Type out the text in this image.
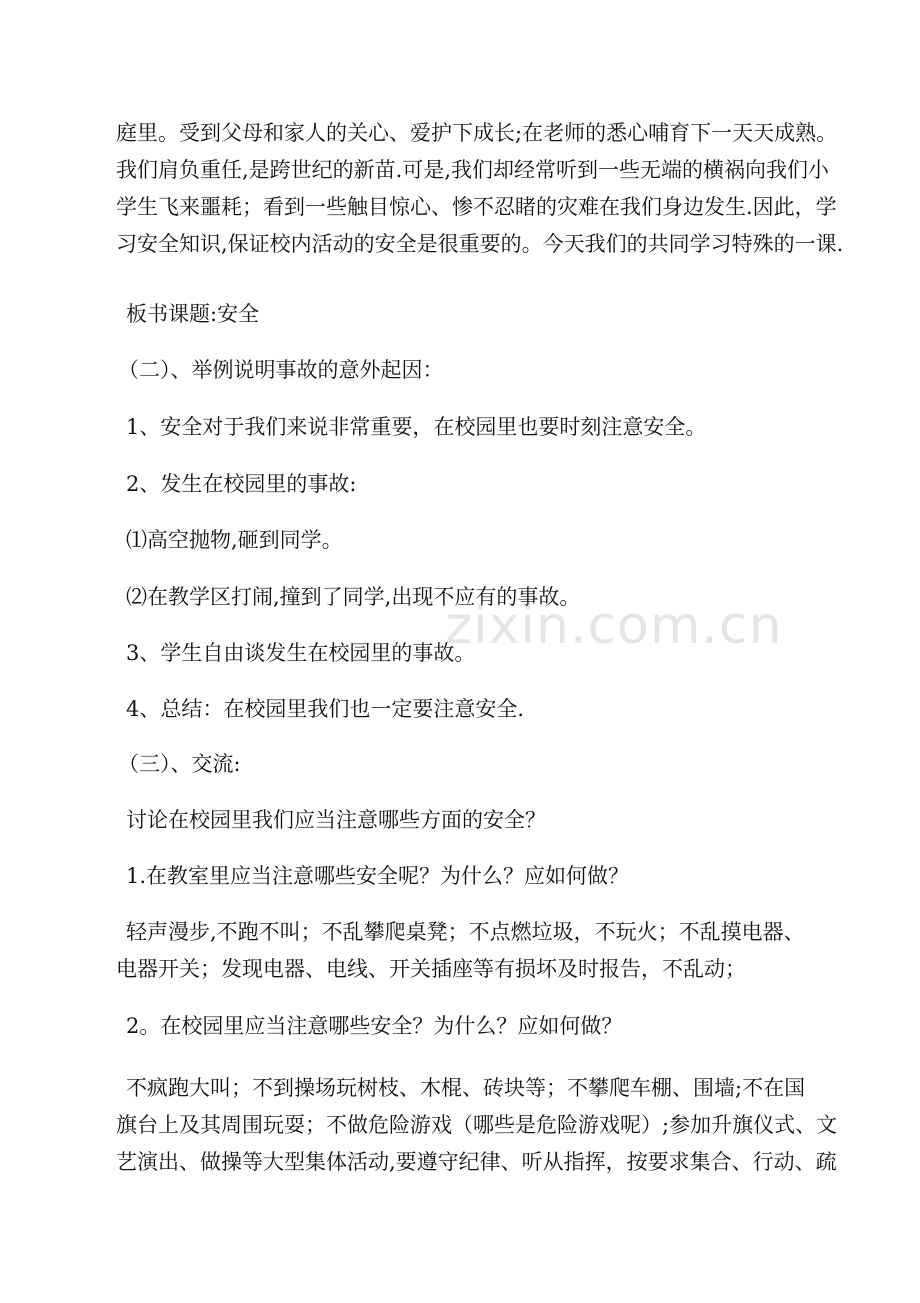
庭里。受到父母和家人的关心、爱护下成长;在老师的悉心哺育下一天天成熟。
我们肩负重任,是跨世纪的新苗.可是,我们却经常听到一些无端的横祸向我们小
学生飞来噩耗；看到一些触目惊心、惨不忍睹的灾难在我们身边发生.因此，学
习安全知识,保证校内活动的安全是很重要的。今天我们的共同学习特殊的一课.
板书课题:安全
（二）、举例说明事故的意外起因：
1、安全对于我们来说非常重要，在校园里也要时刻注意安全。
2、发生在校园里的事故:
⑴高空抛物,砸到同学。
⑵在教学区打闹,撞到了同学,出现不应有的事故。
3、学生自由谈发生在校园里的事故。
4、总结：在校园里我们也一定要注意安全.
（三）、交流:
讨论在校园里我们应当注意哪些方面的安全？
1.在教室里应当注意哪些安全呢？为什么？应如何做？
轻声漫步,不跑不叫；不乱攀爬桌凳；不点燃垃圾，不玩火；不乱摸电器、
电器开关；发现电器、电线、开关插座等有损坏及时报告，不乱动；
2。在校园里应当注意哪些安全？为什么？应如何做？
不疯跑大叫；不到操场玩树枝、木棍、砖块等；不攀爬车棚、围墙;不在国
旗台上及其周围玩耍；不做危险游戏（哪些是危险游戏呢）;参加升旗仪式、文
艺演出、做操等大型集体活动,要遵守纪律、听从指挥，按要求集合、行动、疏
zixin.com.cn
